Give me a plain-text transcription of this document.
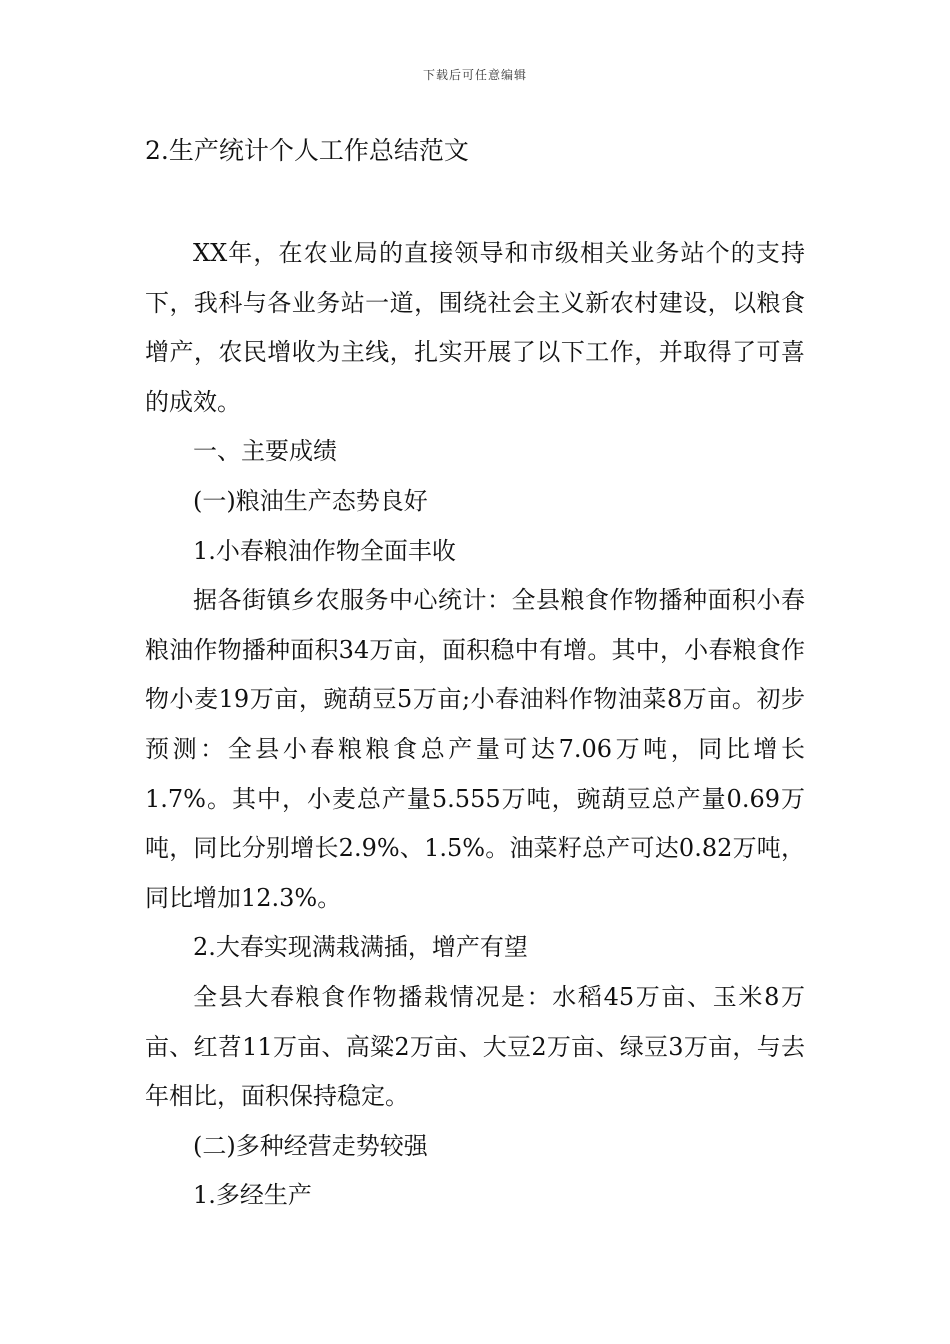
下载后可任意编辑
2.生产统计个人工作总结范文

XX年，在农业局的直接领导和市级相关业务站个的支持下，我科与各业务站一道，围绕社会主义新农村建设，以粮食增产，农民增收为主线，扎实开展了以下工作，并取得了可喜的成效。

一、主要成绩

(一)粮油生产态势良好

1.小春粮油作物全面丰收

据各街镇乡农服务中心统计：全县粮食作物播种面积小春粮油作物播种面积34万亩，面积稳中有增。其中，小春粮食作物小麦19万亩，豌葫豆5万亩;小春油料作物油菜8万亩。初步预测：全县小春粮粮食总产量可达7.06万吨，同比增长1.7%。其中，小麦总产量5.555万吨，豌葫豆总产量0.69万吨，同比分别增长2.9%、1.5%。油菜籽总产可达0.82万吨，同比增加12.3%。

2.大春实现满栽满插，增产有望

全县大春粮食作物播栽情况是：水稻45万亩、玉米8万亩、红苕11万亩、高粱2万亩、大豆2万亩、绿豆3万亩，与去年相比，面积保持稳定。

(二)多种经营走势较强

1.多经生产
